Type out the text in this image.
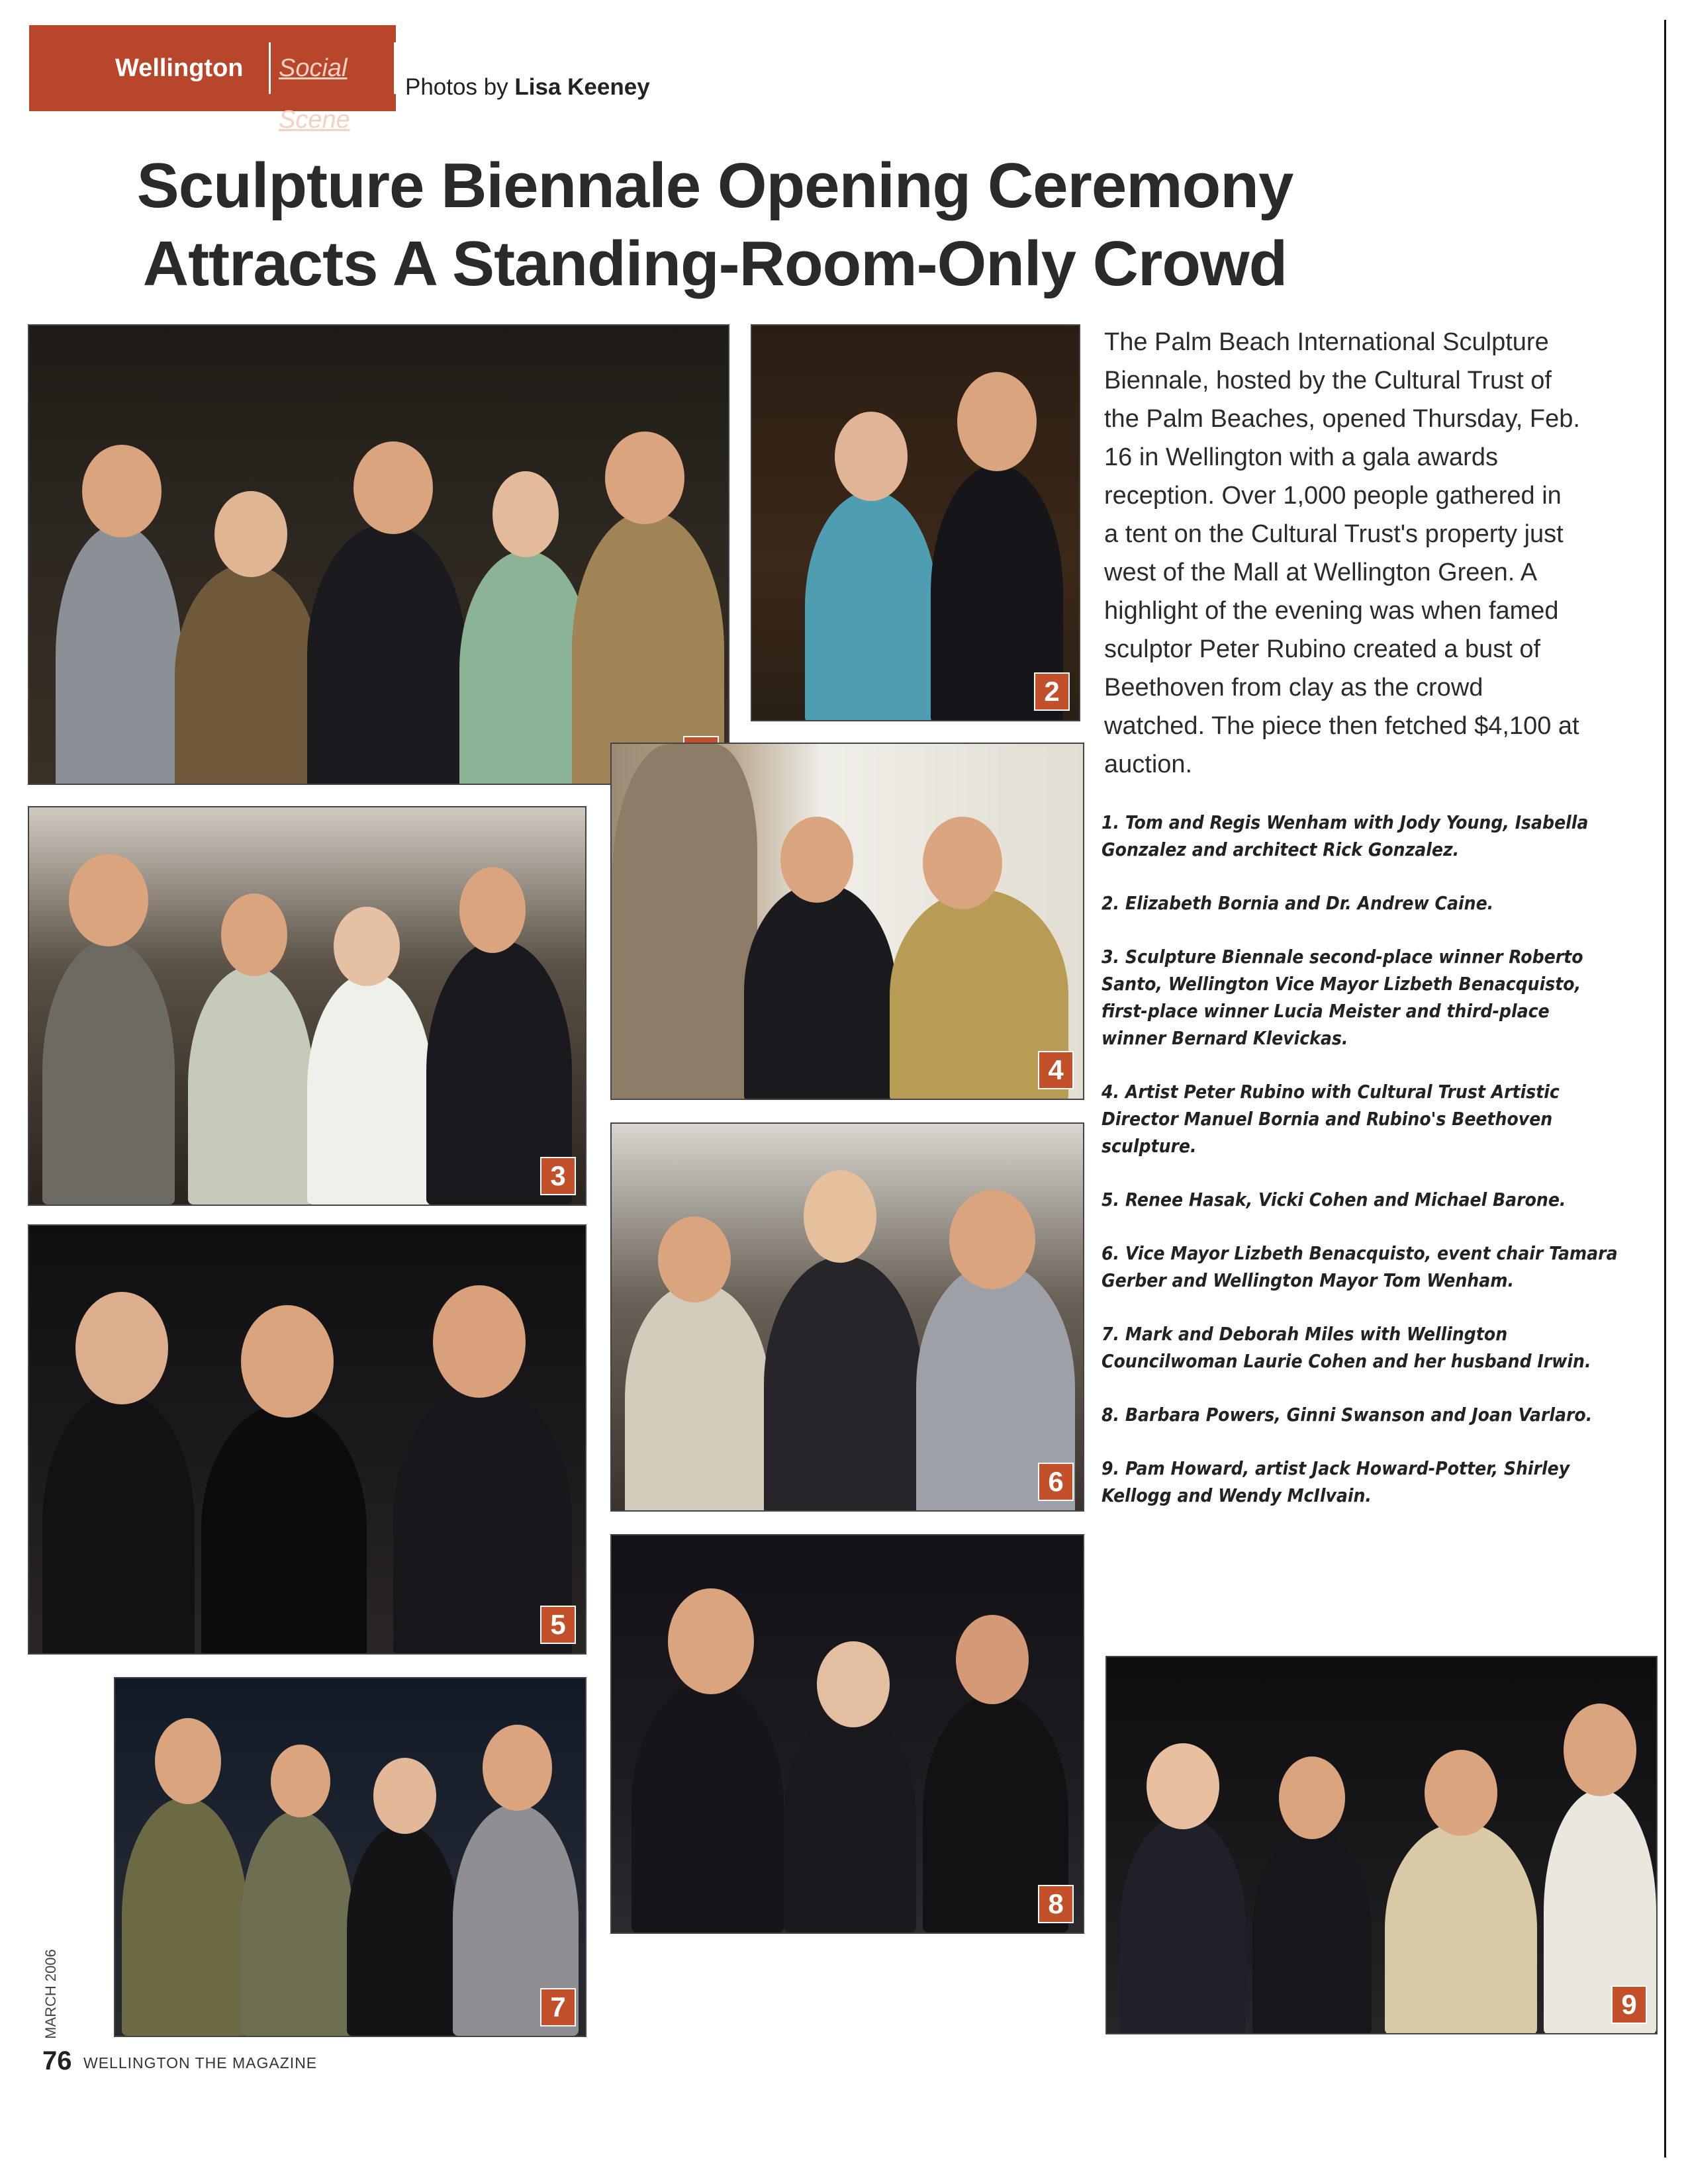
Wellington	Social Scene
Photos by Lisa Keeney
Sculpture Biennale Opening Ceremony
Attracts A Standing-Room-Only Crowd
2
3
4
5
6
7
8
9
The Palm Beach International Sculpture Biennale, hosted by the Cultural Trust of the Palm Beaches, opened Thursday, Feb. 16 in Wellington with a gala awards reception. Over 1,000 people gathered in a tent on the Cultural Trust's property just west of the Mall at Wellington Green. A highlight of the evening was when famed sculptor Peter Rubino created a bust of Beethoven from clay as the crowd watched. The piece then fetched $4,100 at auction.
1. Tom and Regis Wenham with Jody Young, Isabella Gonzalez and architect Rick Gonzalez.
2. Elizabeth Bornia and Dr. Andrew Caine.
3. Sculpture Biennale second-place winner Roberto Santo, Wellington Vice Mayor Lizbeth Benacquisto, first-place winner Lucia Meister and third-place winner Bernard Klevickas.
4. Artist Peter Rubino with Cultural Trust Artistic Director Manuel Bornia and Rubino's Beethoven sculpture.
5. Renee Hasak, Vicki Cohen and Michael Barone.
6. Vice Mayor Lizbeth Benacquisto, event chair Tamara Gerber and Wellington Mayor Tom Wenham.
7. Mark and Deborah Miles with Wellington Councilwoman Laurie Cohen and her husband Irwin.
8. Barbara Powers, Ginni Swanson and Joan Varlaro.
9. Pam Howard, artist Jack Howard-Potter, Shirley Kellogg and Wendy McIlvain.
MARCH 2006
76 WELLINGTON THE MAGAZINE
